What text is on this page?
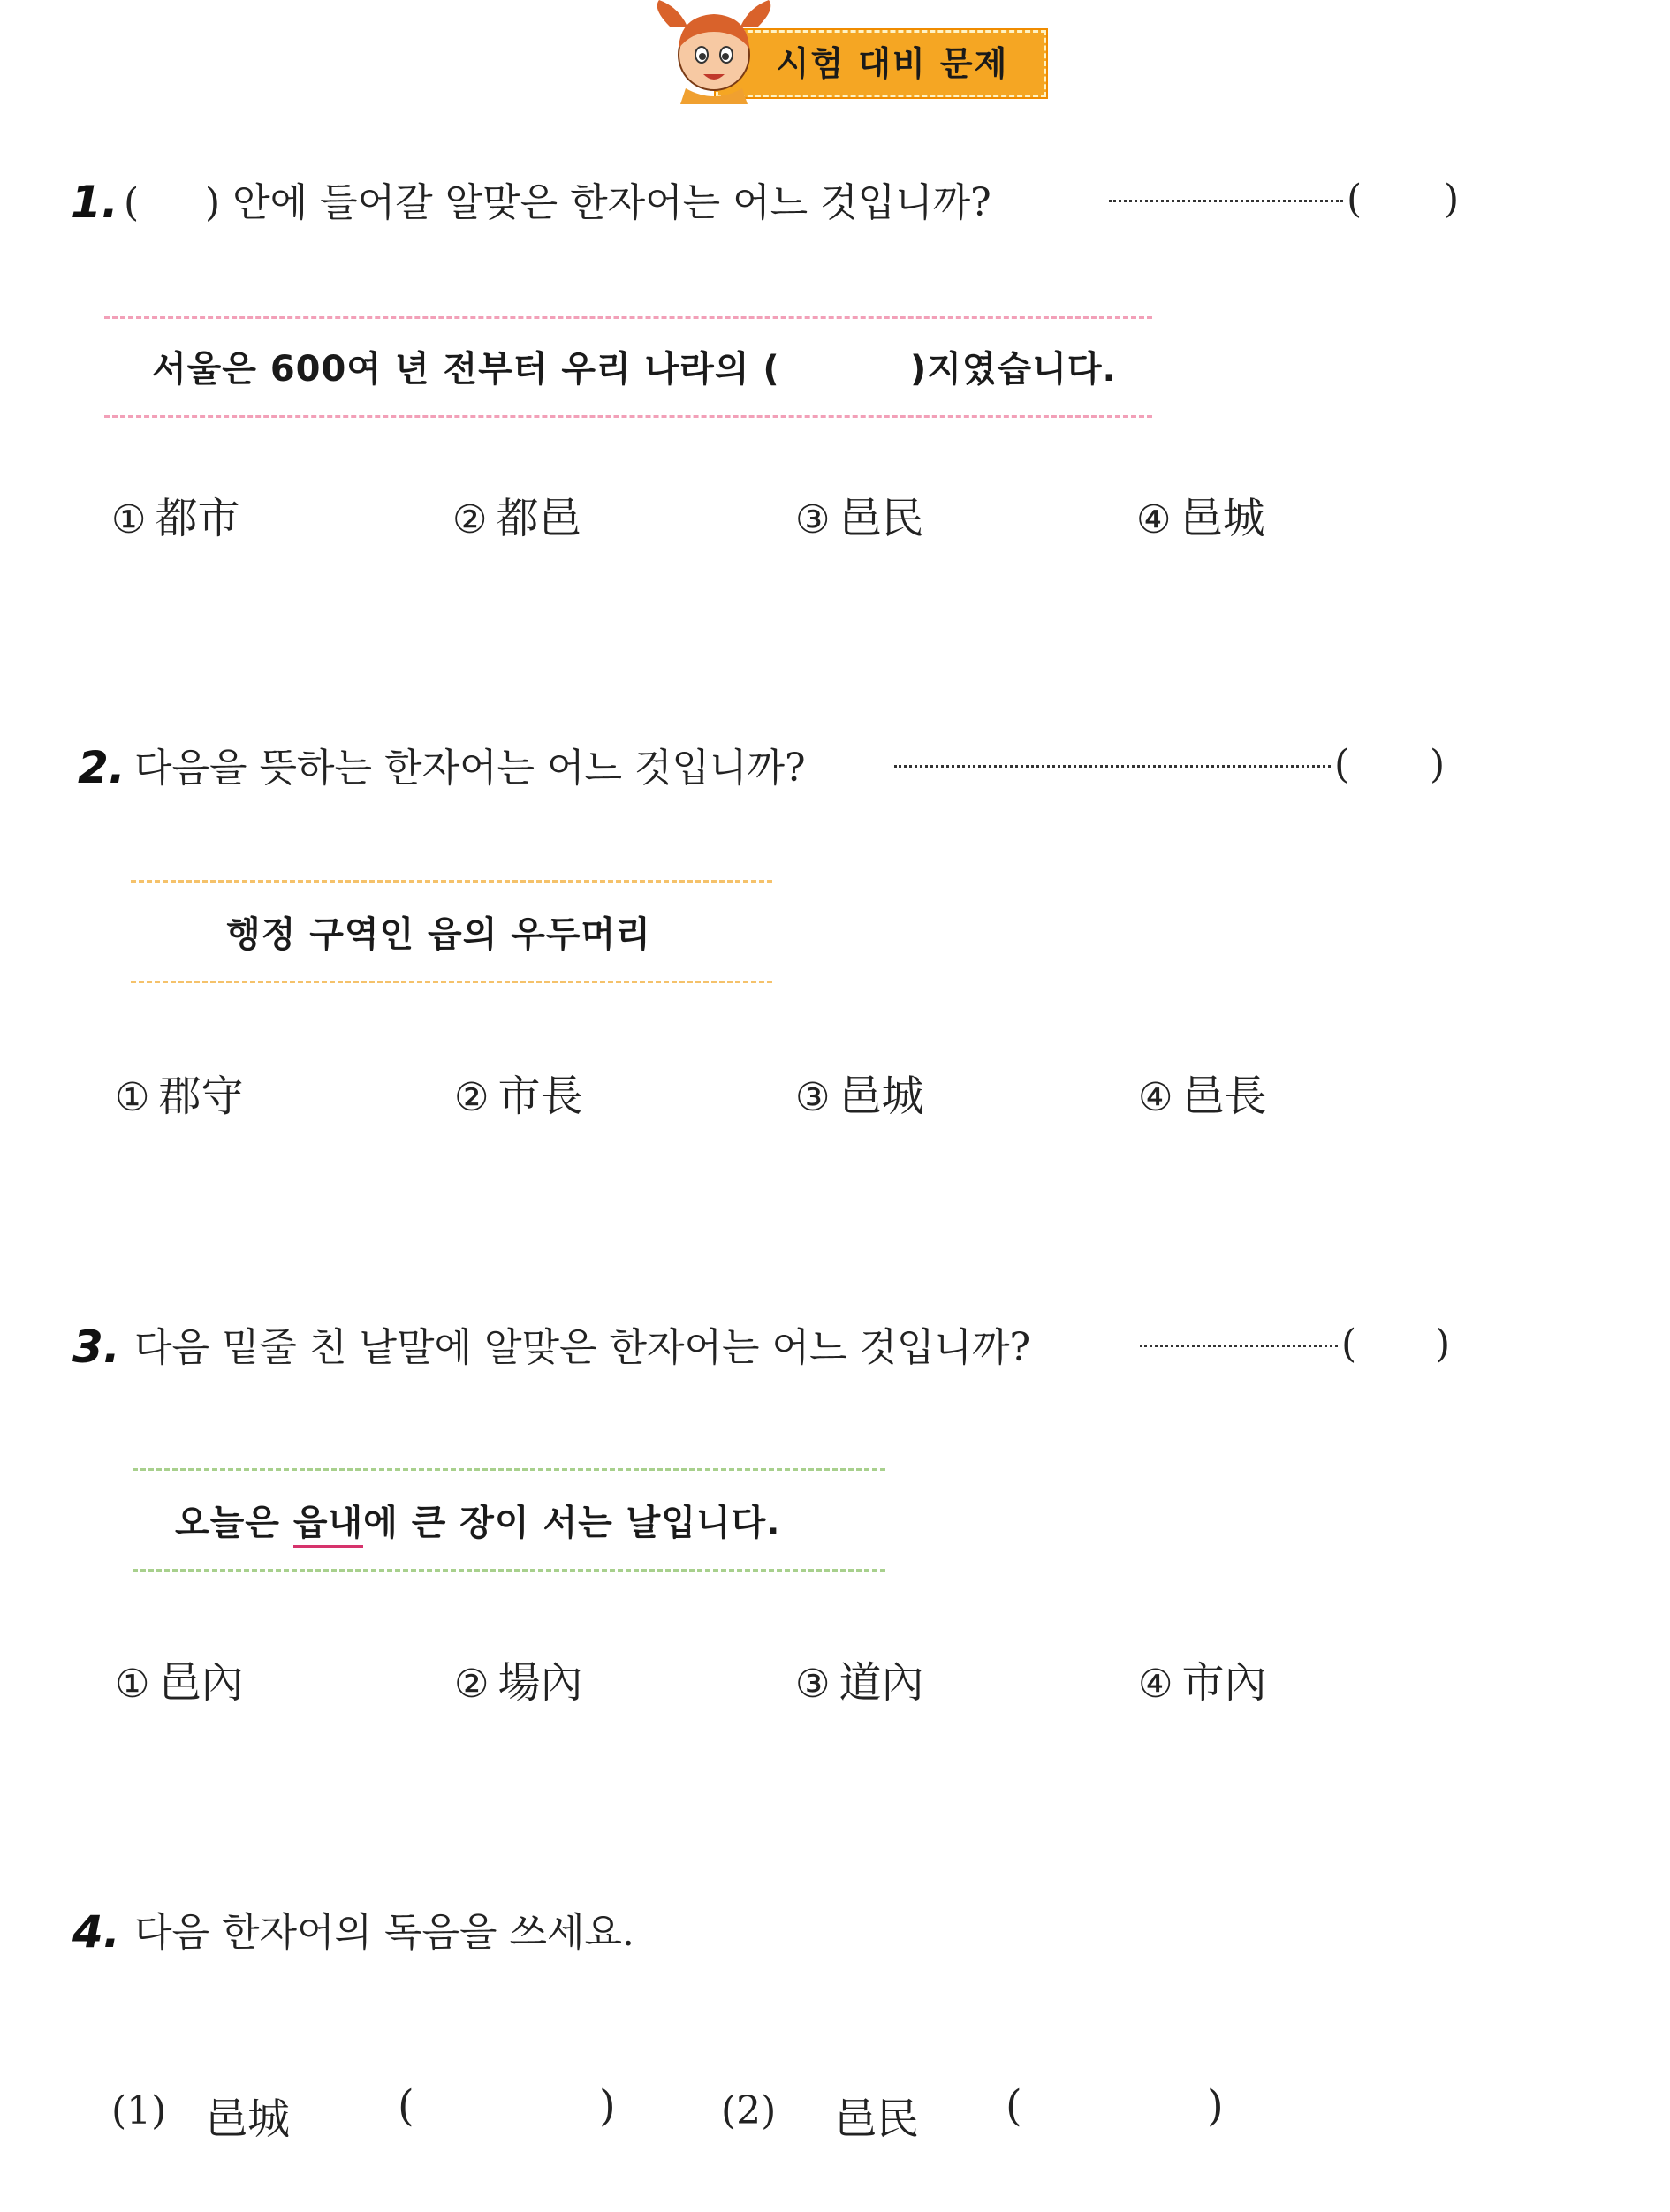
시험 대비 문제
1. ( ) 안에 들어갈 알맞은 한자어는 어느 것입니까?	( )
서울은 600여 년 전부터 우리 나라의 (	)지였습니다.
① 都市	② 都邑	③ 邑民	④ 邑城
2. 다음을 뜻하는 한자어는 어느 것입니까?	( )
행정 구역인 읍의 우두머리
① 郡守	② 市長	③ 邑城	④ 邑長
3. 다음 밑줄 친 낱말에 알맞은 한자어는 어느 것입니까?	( )
오늘은 읍내에 큰 장이 서는 날입니다.
① 邑內	② 場內	③ 道內	④ 市內
4. 다음 한자어의 독음을 쓰세요.
(1) 邑城	(	)	(2) 邑民 (	)
